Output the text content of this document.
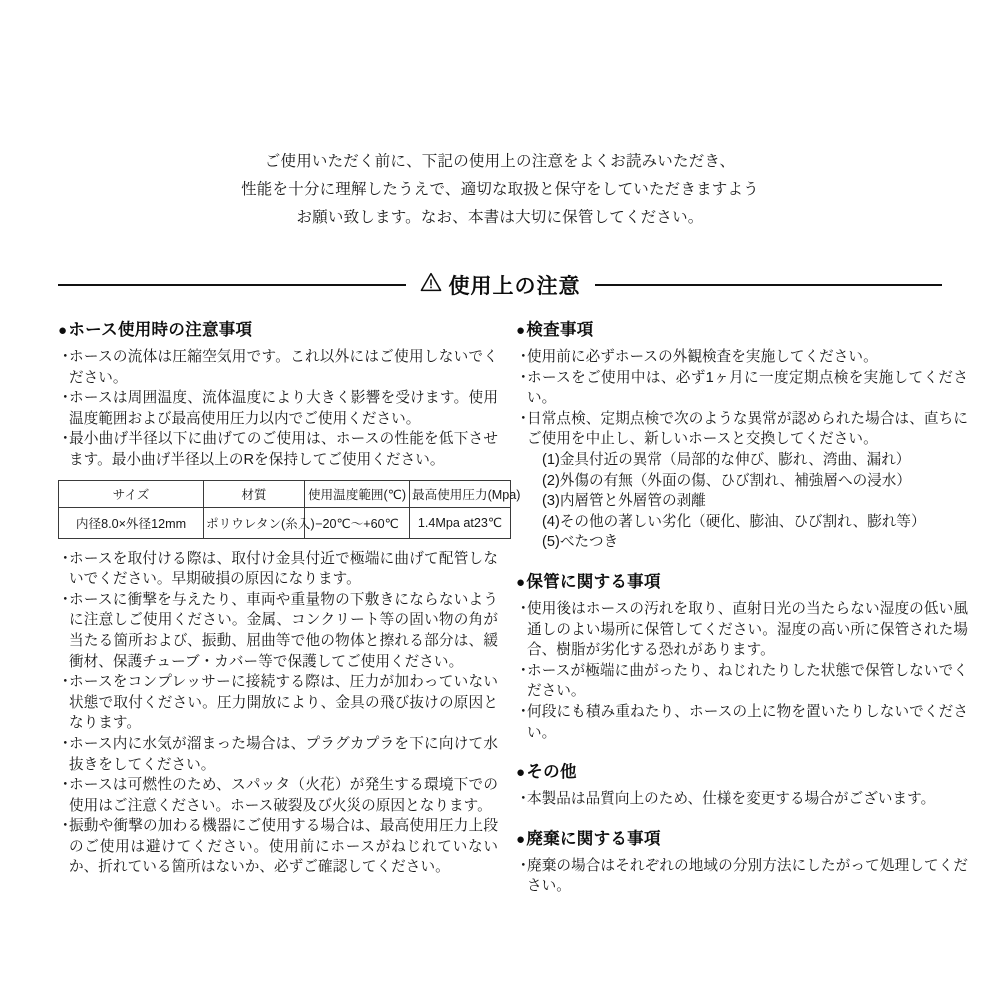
ご使用いただく前に、下記の使用上の注意をよくお読みいただき、
性能を十分に理解したうえで、適切な取扱と保守をしていただきますよう
お願い致します。なお、本書は大切に保管してください。
使用上の注意
● ホース使用時の注意事項
・
ホースの流体は圧縮空気用です。これ以外にはご使用しないでください。
・
ホースは周囲温度、流体温度により大きく影響を受けます。使用温度範囲および最高使用圧力以内でご使用ください。
・
最小曲げ半径以下に曲げてのご使用は、ホースの性能を低下させます。最小曲げ半径以上のRを保持してご使用ください。
サイズ	材質	使用温度範囲(℃)	最高使用圧力(Mpa)
内径8.0×外径12mm	ポリウレタン(糸入)	−20℃〜+60℃	1.4Mpa at23℃
・
ホースを取付ける際は、取付け金具付近で極端に曲げて配管しないでください。早期破損の原因になります。
・
ホースに衝撃を与えたり、車両や重量物の下敷きにならないように注意しご使用ください。金属、コンクリート等の固い物の角が当たる箇所および、振動、屈曲等で他の物体と擦れる部分は、緩衝材、保護チューブ・カバー等で保護してご使用ください。
・
ホースをコンプレッサーに接続する際は、圧力が加わっていない状態で取付ください。圧力開放により、金具の飛び抜けの原因となります。
・
ホース内に水気が溜まった場合は、プラグカプラを下に向けて水抜きをしてください。
・
ホースは可燃性のため、スパッタ（火花）が発生する環境下での使用はご注意ください。ホース破裂及び火災の原因となります。
・
振動や衝撃の加わる機器にご使用する場合は、最高使用圧力上段のご使用は避けてください。使用前にホースがねじれていないか、折れている箇所はないか、必ずご確認してください。
● 検査事項
・
使用前に必ずホースの外観検査を実施してください。
・
ホースをご使用中は、必ず1ヶ月に一度定期点検を実施してください。
・
日常点検、定期点検で次のような異常が認められた場合は、直ちにご使用を中止し、新しいホースと交換してください。
(1)金具付近の異常（局部的な伸び、膨れ、湾曲、漏れ）
(2)外傷の有無（外面の傷、ひび割れ、補強層への浸水）
(3)内層管と外層管の剥離
(4)その他の著しい劣化（硬化、膨油、ひび割れ、膨れ等）
(5)べたつき
● 保管に関する事項
・
使用後はホースの汚れを取り、直射日光の当たらない湿度の低い風通しのよい場所に保管してください。湿度の高い所に保管された場合、樹脂が劣化する恐れがあります。
・
ホースが極端に曲がったり、ねじれたりした状態で保管しないでください。
・
何段にも積み重ねたり、ホースの上に物を置いたりしないでください。
● その他
・
本製品は品質向上のため、仕様を変更する場合がございます。
● 廃棄に関する事項
・
廃棄の場合はそれぞれの地域の分別方法にしたがって処理してください。
